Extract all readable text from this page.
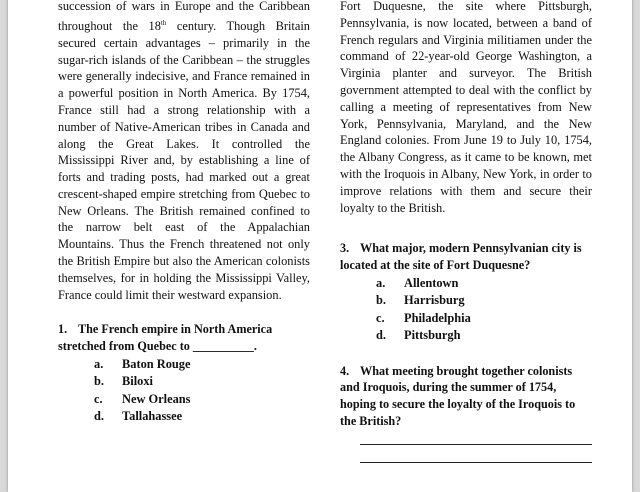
succession of wars in Europe and the Caribbean throughout the 18th century. Though Britain secured certain advantages – primarily in the sugar-rich islands of the Caribbean – the struggles were generally indecisive, and France remained in a powerful position in North America. By 1754, France still had a strong relationship with a number of Native-American tribes in Canada and along the Great Lakes. It controlled the Mississippi River and, by establishing a line of forts and trading posts, had marked out a great crescent-shaped empire stretching from Quebec to New Orleans. The British remained confined to the narrow belt east of the Appalachian Mountains. Thus the French threatened not only the British Empire but also the American colonists themselves, for in holding the Mississippi Valley, France could limit their westward expansion.

1. The French empire in North America stretched from Quebec to __________.

a. Baton Rouge
b. Biloxi
c. New Orleans
d. Tallahassee

Fort Duquesne, the site where Pittsburgh, Pennsylvania, is now located, between a band of French regulars and Virginia militiamen under the command of 22-year-old George Washington, a Virginia planter and surveyor. The British government attempted to deal with the conflict by calling a meeting of representatives from New York, Pennsylvania, Maryland, and the New England colonies. From June 19 to July 10, 1754, the Albany Congress, as it came to be known, met with the Iroquois in Albany, New York, in order to improve relations with them and secure their loyalty to the British.

3. What major, modern Pennsylvanian city is located at the site of Fort Duquesne?

a. Allentown
b. Harrisburg
c. Philadelphia
d. Pittsburgh

4. What meeting brought together colonists and Iroquois, during the summer of 1754, hoping to secure the loyalty of the Iroquois to the British?
